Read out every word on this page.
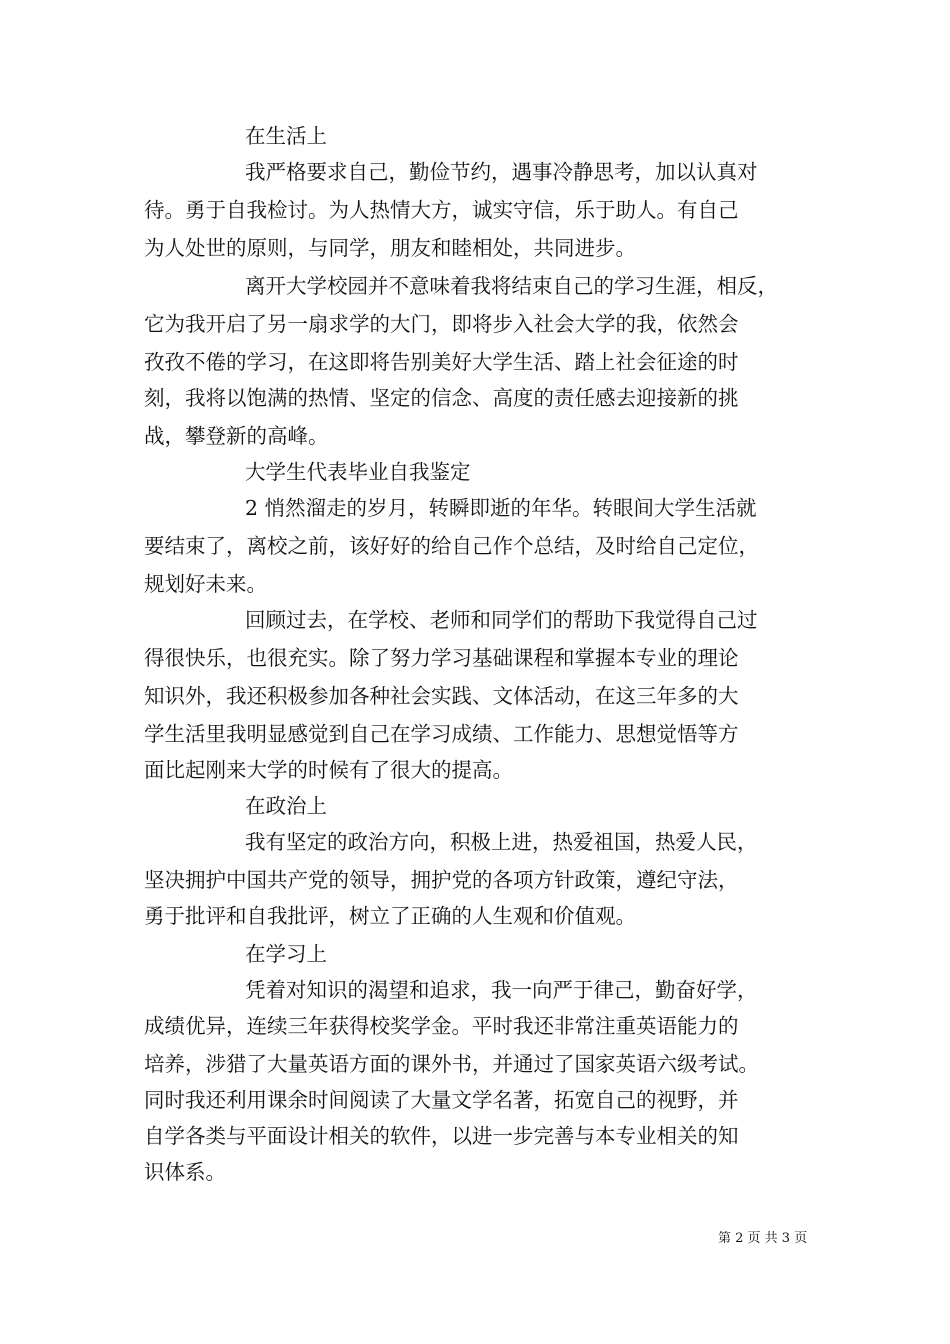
在生活上
我严格要求自己，勤俭节约，遇事冷静思考，加以认真对
待。勇于自我检讨。为人热情大方，诚实守信，乐于助人。有自己
为人处世的原则，与同学，朋友和睦相处，共同进步。
离开大学校园并不意味着我将结束自己的学习生涯，相反，
它为我开启了另一扇求学的大门，即将步入社会大学的我，依然会
孜孜不倦的学习，在这即将告别美好大学生活、踏上社会征途的时
刻，我将以饱满的热情、坚定的信念、高度的责任感去迎接新的挑
战，攀登新的高峰。
大学生代表毕业自我鉴定
2 悄然溜走的岁月，转瞬即逝的年华。转眼间大学生活就
要结束了，离校之前，该好好的给自己作个总结，及时给自己定位，
规划好未来。
回顾过去，在学校、老师和同学们的帮助下我觉得自己过
得很快乐，也很充实。除了努力学习基础课程和掌握本专业的理论
知识外，我还积极参加各种社会实践、文体活动，在这三年多的大
学生活里我明显感觉到自己在学习成绩、工作能力、思想觉悟等方
面比起刚来大学的时候有了很大的提高。
在政治上
我有坚定的政治方向，积极上进，热爱祖国，热爱人民，
坚决拥护中国共产党的领导，拥护党的各项方针政策，遵纪守法，
勇于批评和自我批评，树立了正确的人生观和价值观。
在学习上
凭着对知识的渴望和追求，我一向严于律己，勤奋好学，
成绩优异，连续三年获得校奖学金。平时我还非常注重英语能力的
培养，涉猎了大量英语方面的课外书，并通过了国家英语六级考试。
同时我还利用课余时间阅读了大量文学名著，拓宽自己的视野，并
自学各类与平面设计相关的软件，以进一步完善与本专业相关的知
识体系。
第 2 页 共 3 页
